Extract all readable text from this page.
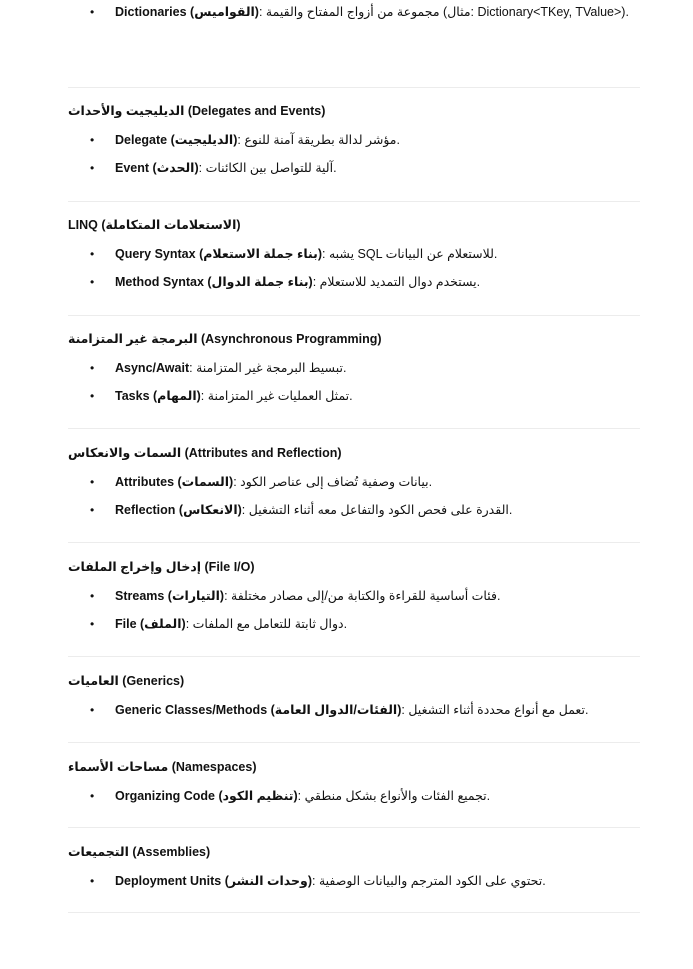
• Dictionaries (القواميس): مجموعة من أزواج المفتاح والقيمة (مثال: Dictionary<TKey, TValue>).
الديليجيت والأحداث (Delegates and Events)
• Delegate (الديليجيت): مؤشر لدالة بطريقة آمنة للنوع.
• Event (الحدث): آلية للتواصل بين الكائنات.
LINQ (الاستعلامات المتكاملة)
• Query Syntax (بناء جملة الاستعلام): يشبه SQL للاستعلام عن البيانات.
• Method Syntax (بناء جملة الدوال): يستخدم دوال التمديد للاستعلام.
البرمجة غير المتزامنة (Asynchronous Programming)
• Async/Await: تبسيط البرمجة غير المتزامنة.
• Tasks (المهام): تمثل العمليات غير المتزامنة.
السمات والانعكاس (Attributes and Reflection)
• Attributes (السمات): بيانات وصفية تُضاف إلى عناصر الكود.
• Reflection (الانعكاس): القدرة على فحص الكود والتفاعل معه أثناء التشغيل.
إدخال وإخراج الملفات (File I/O)
• Streams (التيارات): فئات أساسية للقراءة والكتابة من/إلى مصادر مختلفة.
• File (الملف): دوال ثابتة للتعامل مع الملفات.
العاميات (Generics)
• Generic Classes/Methods (الفئات/الدوال العامة): تعمل مع أنواع محددة أثناء التشغيل.
مساحات الأسماء (Namespaces)
• Organizing Code (تنظيم الكود): تجميع الفئات والأنواع بشكل منطقي.
التجميعات (Assemblies)
• Deployment Units (وحدات النشر): تحتوي على الكود المترجم والبيانات الوصفية.
